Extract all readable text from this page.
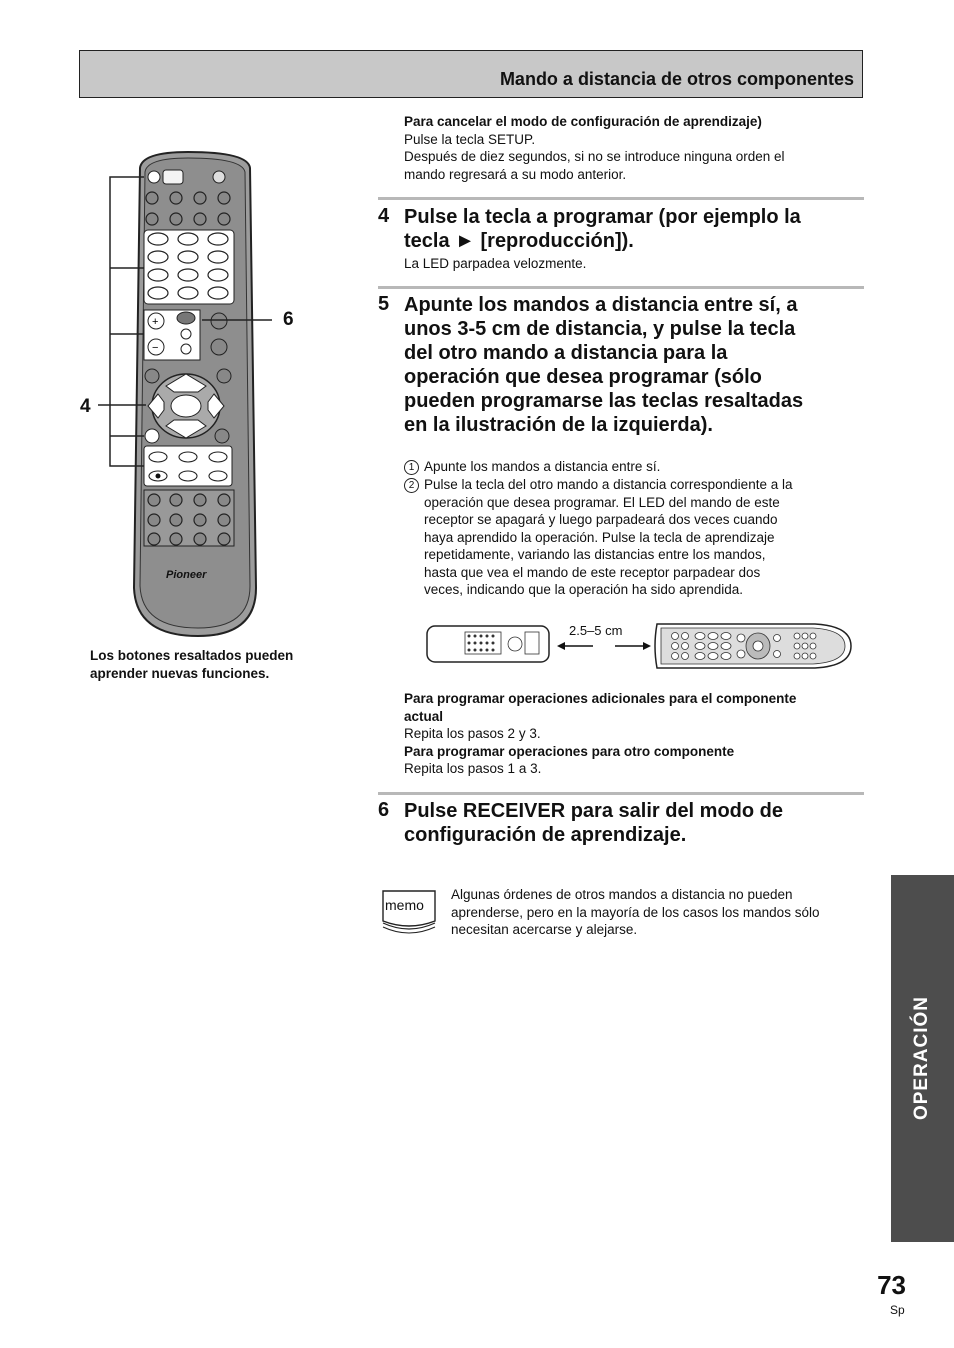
Mando a distancia de otros componentes
+
−
Pioneer
4
6
Los botones resaltados pueden
aprender nuevas funciones.
Para cancelar el modo de configuración de aprendizaje)
Pulse la tecla SETUP.
Después de diez segundos, si no se introduce ninguna orden el
mando regresará a su modo anterior.
4 Pulse la tecla a programar (por ejemplo la
tecla ► [reproducción]).
La LED parpadea velozmente.
5 Apunte los mandos a distancia entre sí, a
unos 3-5 cm de distancia, y pulse la tecla
del otro mando a distancia para la
operación que desea programar (sólo
pueden programarse las teclas resaltadas
en la ilustración de la izquierda).
1 Apunte los mandos a distancia entre sí.
2 Pulse la tecla del otro mando a distancia correspondiente a la
operación que desea programar. El LED del mando de este
receptor se apagará y luego parpadeará dos veces cuando
haya aprendido la operación. Pulse la tecla de aprendizaje
repetidamente, variando las distancias entre los mandos,
hasta que vea el mando de este receptor parpadear dos
veces, indicando que la operación ha sido aprendida.
2.5–5 cm
Para programar operaciones adicionales para el componente
actual
Repita los pasos 2 y 3.
Para programar operaciones para otro componente
Repita los pasos 1 a 3.
6 Pulse RECEIVER para salir del modo de
configuración de aprendizaje.
memo
Algunas órdenes de otros mandos a distancia no pueden
aprenderse, pero en la mayoría de los casos los mandos sólo
necesitan acercarse y alejarse.
OPERACIÓN
73
Sp
